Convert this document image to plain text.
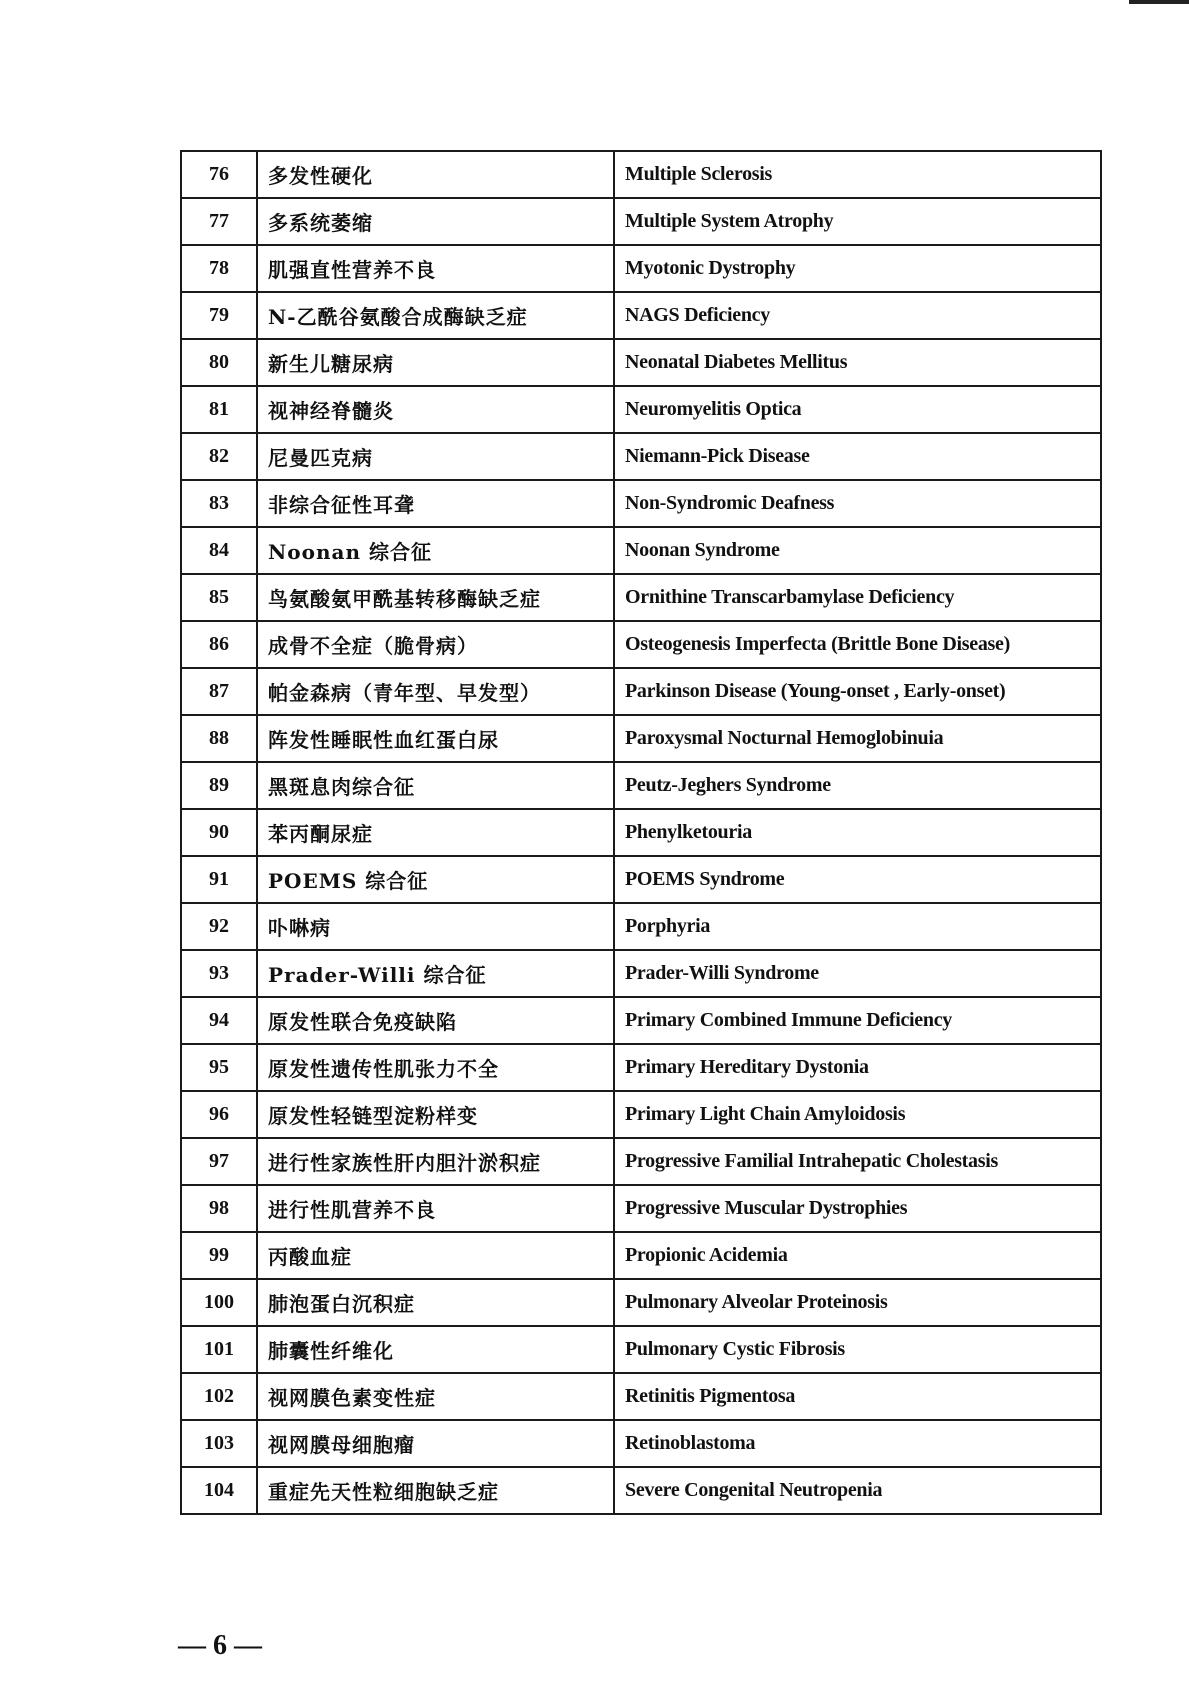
76	多发性硬化	Multiple Sclerosis
77	多系统萎缩	Multiple System Atrophy
78	肌强直性营养不良	Myotonic Dystrophy
79	N-乙酰谷氨酸合成酶缺乏症	NAGS Deficiency
80	新生儿糖尿病	Neonatal Diabetes Mellitus
81	视神经脊髓炎	Neuromyelitis Optica
82	尼曼匹克病	Niemann-Pick Disease
83	非综合征性耳聋	Non-Syndromic Deafness
84	Noonan 综合征	Noonan Syndrome
85	鸟氨酸氨甲酰基转移酶缺乏症	Ornithine Transcarbamylase Deficiency
86	成骨不全症（脆骨病）	Osteogenesis Imperfecta (Brittle Bone Disease)
87	帕金森病（青年型、早发型）	Parkinson Disease (Young-onset , Early-onset)
88	阵发性睡眠性血红蛋白尿	Paroxysmal Nocturnal Hemoglobinuia
89	黑斑息肉综合征	Peutz-Jeghers Syndrome
90	苯丙酮尿症	Phenylketouria
91	POEMS 综合征	POEMS Syndrome
92	卟啉病	Porphyria
93	Prader-Willi 综合征	Prader-Willi Syndrome
94	原发性联合免疫缺陷	Primary Combined Immune Deficiency
95	原发性遗传性肌张力不全	Primary Hereditary Dystonia
96	原发性轻链型淀粉样变	Primary Light Chain Amyloidosis
97	进行性家族性肝内胆汁淤积症	Progressive Familial Intrahepatic Cholestasis
98	进行性肌营养不良	Progressive Muscular Dystrophies
99	丙酸血症	Propionic Acidemia
100	肺泡蛋白沉积症	Pulmonary Alveolar Proteinosis
101	肺囊性纤维化	Pulmonary Cystic Fibrosis
102	视网膜色素变性症	Retinitis Pigmentosa
103	视网膜母细胞瘤	Retinoblastoma
104	重症先天性粒细胞缺乏症	Severe Congenital Neutropenia
— 6 —
